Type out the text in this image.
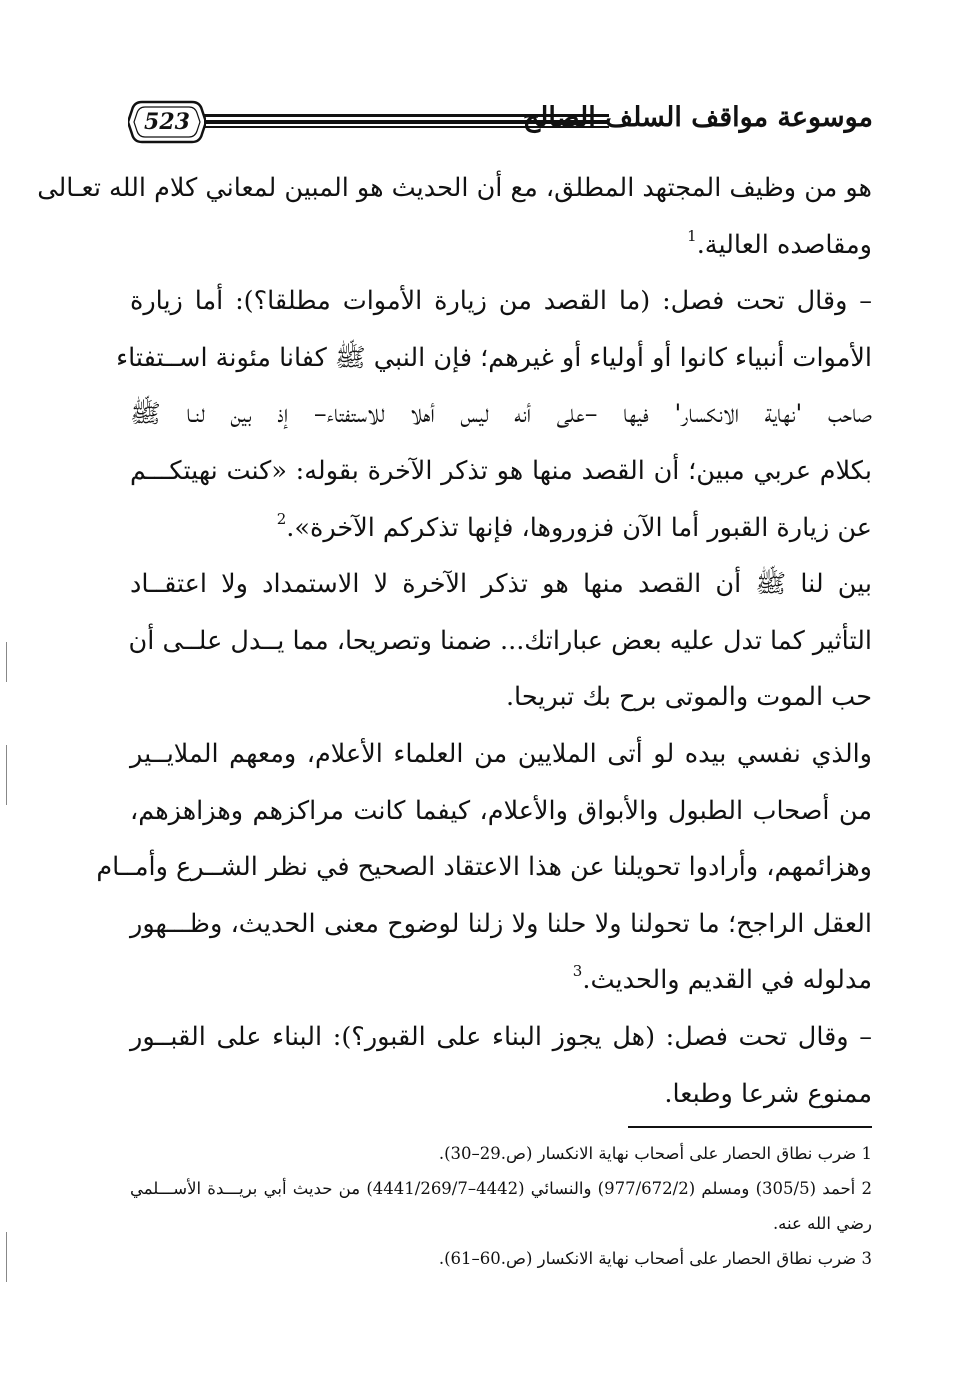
523	موسوعة مواقف السلف الصالح
هو من وظيف المجتهد المطلق، مع أن الحديث هو المبين لمعاني كلام الله تعـالى
ومقاصده العالية.$^1$
– وقال تحت فصل: (ما القصد من زيارة الأموات مطلقا؟): أما زيارة
الأموات أنبياء كانوا أو أولياء أو غيرهم؛ فإن النبي ﷺ كفانا مئونة اســتفتاء
صاحب 'نهاية الانكسار' فيها –على أنه ليس أهلا للاستفتاء– إذ بين لنـا ﷺ
بكلام عربي مبين؛ أن القصد منها هو تذكر الآخرة بقوله: «كنت نهيتكـــم
عن زيارة القبور أما الآن فزوروها، فإنها تذكركم الآخرة».$^2$
بين لنا ﷺ أن القصد منها هو تذكر الآخرة لا الاستمداد ولا اعتقــاد
التأثير كما تدل عليه بعض عباراتك... ضمنا وتصريحا، مما يــدل علــى أن
حب الموت والموتى برح بك تبريحا.
والذي نفسي بيده لو أتى الملايين من العلماء الأعلام، ومعهم الملايــير
من أصحاب الطبول والأبواق والأعلام، كيفما كانت مراكزهم وهزاهزهم،
وهزائمهم، وأرادوا تحويلنا عن هذا الاعتقاد الصحيح في نظر الشــرع وأمــام
العقل الراجح؛ ما تحولنا ولا حلنا ولا زلنا لوضوح معنى الحديث، وظـــهور
مدلوله في القديم والحديث.$^3$
– وقال تحت فصل: (هل يجوز البناء على القبور؟): البناء على القبــور
ممنوع شرعا وطبعا.
1 ضرب نطاق الحصار على أصحاب نهاية الانكسار (ص.29–30).
2 أحمد (305/5) ومسلم (977/672/2) والنسائي (4442–4441/269/7) من حديث أبي بريـــدة الأســـلمي
رضي الله عنه.
3 ضرب نطاق الحصار على أصحاب نهاية الانكسار (ص.60–61).
